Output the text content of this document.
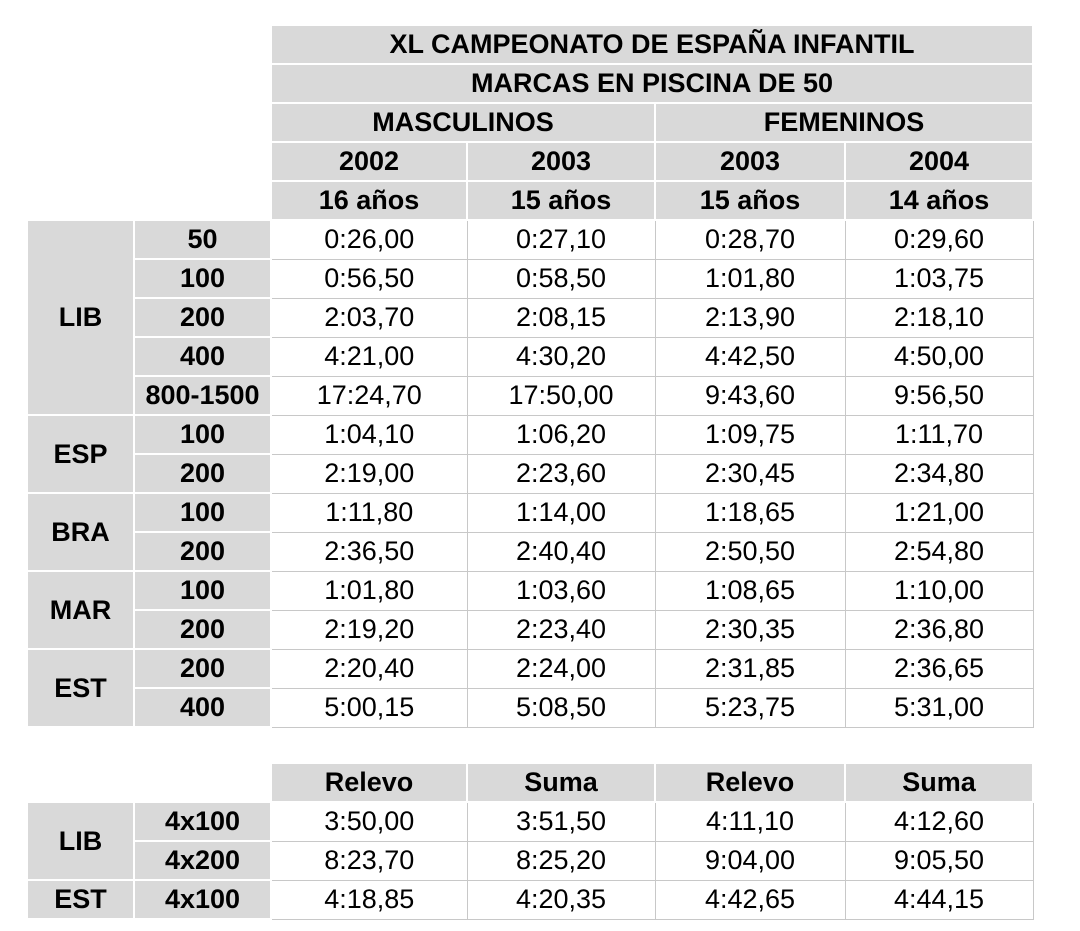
		XL CAMPEONATO DE ESPAÑA INFANTIL			
		MARCAS EN PISCINA DE 50			
		MASCULINOS		FEMENINOS	
		2002	2003	2003	2004
		16 años	15 años	15 años	14 años
LIB	50	0:26,00	0:27,10	0:28,70	0:29,60
	100	0:56,50	0:58,50	1:01,80	1:03,75
	200	2:03,70	2:08,15	2:13,90	2:18,10
	400	4:21,00	4:30,20	4:42,50	4:50,00
	800-1500	17:24,70	17:50,00	9:43,60	9:56,50
ESP	100	1:04,10	1:06,20	1:09,75	1:11,70
	200	2:19,00	2:23,60	2:30,45	2:34,80
BRA	100	1:11,80	1:14,00	1:18,65	1:21,00
	200	2:36,50	2:40,40	2:50,50	2:54,80
MAR	100	1:01,80	1:03,60	1:08,65	1:10,00
	200	2:19,20	2:23,40	2:30,35	2:36,80
EST	200	2:20,40	2:24,00	2:31,85	2:36,65
	400	5:00,15	5:08,50	5:23,75	5:31,00
		Relevo	Suma	Relevo	Suma
LIB	4x100	3:50,00	3:51,50	4:11,10	4:12,60
	4x200	8:23,70	8:25,20	9:04,00	9:05,50
EST	4x100	4:18,85	4:20,35	4:42,65	4:44,15
